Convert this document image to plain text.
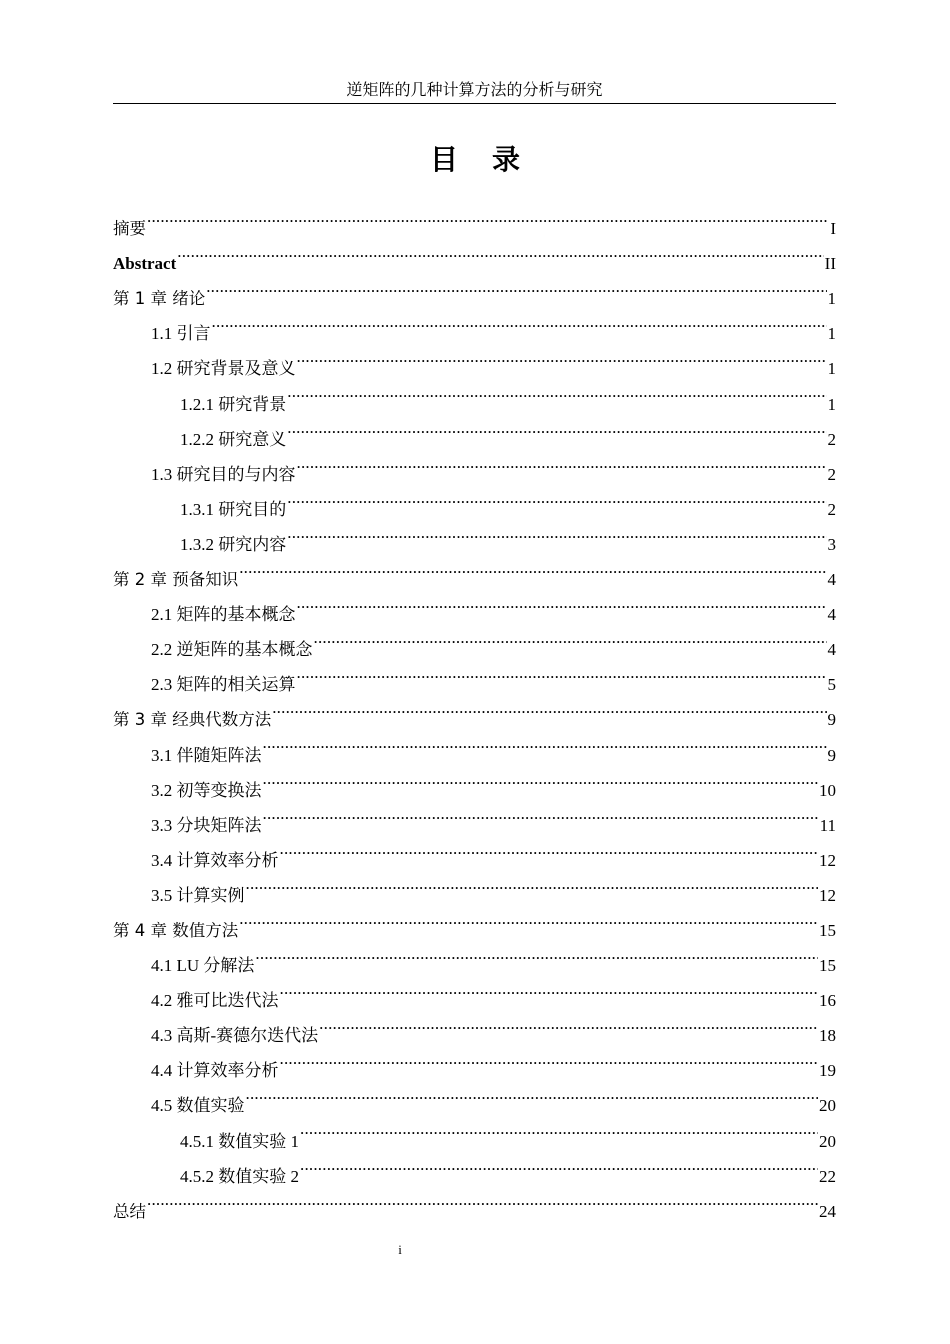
逆矩阵的几种计算方法的分析与研究
目录
摘要 .....	I
Abstract .....	II
第 1 章 绪论 .....	1
1.1 引言 .....	1
1.2 研究背景及意义 .....	1
1.2.1 研究背景 .....	1
1.2.2 研究意义 .....	2
1.3 研究目的与内容 .....	2
1.3.1 研究目的 .....	2
1.3.2 研究内容 .....	3
第 2 章 预备知识 .....	4
2.1 矩阵的基本概念 .....	4
2.2 逆矩阵的基本概念 .....	4
2.3 矩阵的相关运算 .....	5
第 3 章 经典代数方法 .....	9
3.1 伴随矩阵法 .....	9
3.2 初等变换法 .....	10
3.3 分块矩阵法 .....	11
3.4 计算效率分析 .....	12
3.5 计算实例 .....	12
第 4 章 数值方法 .....	15
4.1 LU 分解法 .....	15
4.2 雅可比迭代法 .....	16
4.3 高斯-赛德尔迭代法 .....	18
4.4 计算效率分析 .....	19
4.5 数值实验 .....	20
4.5.1 数值实验 1 .....	20
4.5.2 数值实验 2 .....	22
总结 .....	24
i
